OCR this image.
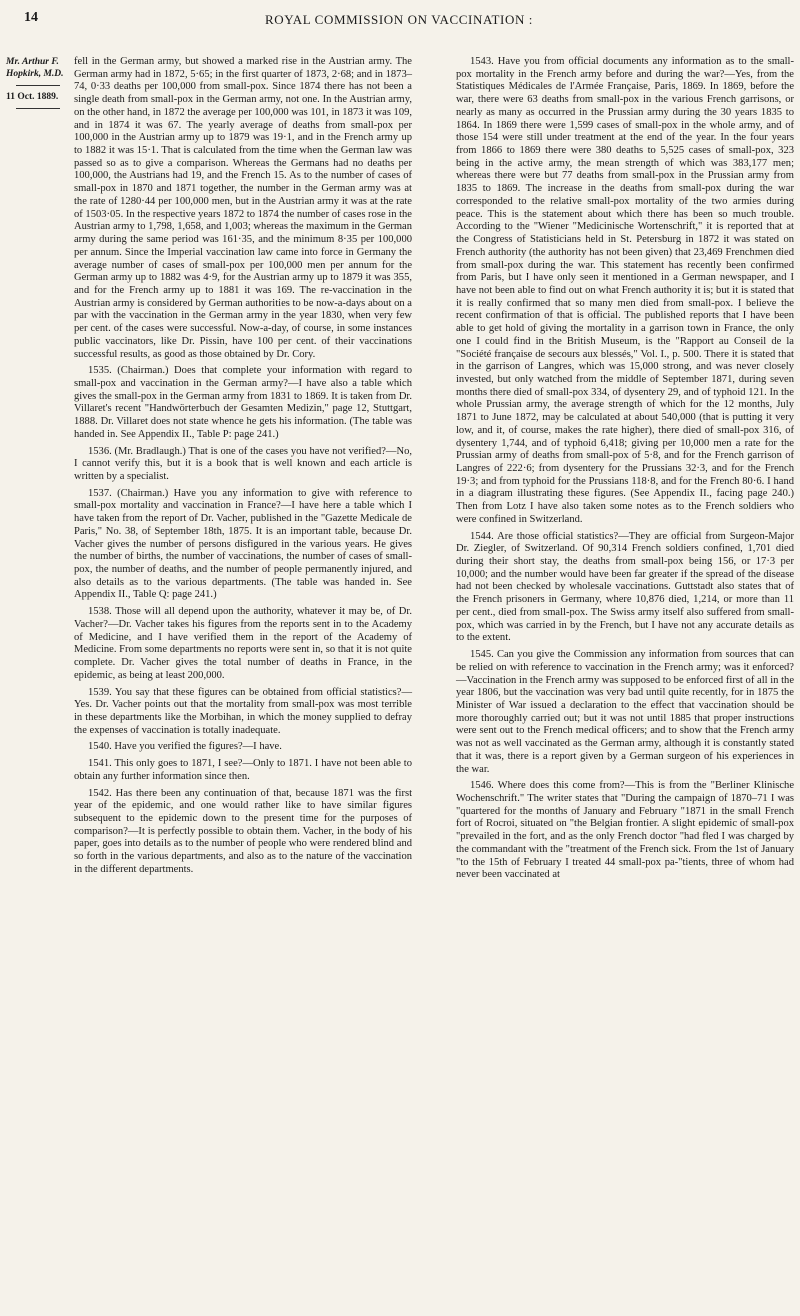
14	ROYAL COMMISSION ON VACCINATION :
Mr. Arthur F. Hopkirk, M.D.
11 Oct. 1889.

fell in the German army, but showed a marked rise in the Austrian army. The German army had in 1872, 5·65; in the first quarter of 1873, 2·68; and in 1873–74, 0·33 deaths per 100,000 from small-pox. Since 1874 there has not been a single death from small-pox in the German army, not one. In the Austrian army, on the other hand, in 1872 the average per 100,000 was 101, in 1873 it was 109, and in 1874 it was 67. The yearly average of deaths from small-pox per 100,000 in the Austrian army up to 1879 was 19·1, and in the French army up to 1882 it was 15·1. That is calculated from the time when the German law was passed so as to give a comparison. Whereas the Germans had no deaths per 100,000, the Austrians had 19, and the French 15. As to the number of cases of small-pox in 1870 and 1871 together, the number in the German army was at the rate of 1280·44 per 100,000 men, but in the Austrian army it was at the rate of 1503·05. In the respective years 1872 to 1874 the number of cases rose in the Austrian army to 1,798, 1,658, and 1,003; whereas the maximum in the German army during the same period was 161·35, and the minimum 8·35 per 100,000 per annum. Since the Imperial vaccination law came into force in Germany the average number of cases of small-pox per 100,000 men per annum for the German army up to 1882 was 4·9, for the Austrian army up to 1879 it was 355, and for the French army up to 1881 it was 169. The re-vaccination in the Austrian army is considered by German authorities to be now-a-days about on a par with the vaccination in the German army in the year 1830, when very few per cent. of the cases were successful. Now-a-day, of course, in some instances public vaccinators, like Dr. Pissin, have 100 per cent. of their vaccinations successful results, as good as those obtained by Dr. Cory.

1535. (Chairman.) Does that complete your information with regard to small-pox and vaccination in the German army?—I have also a table which gives the small-pox in the German army from 1831 to 1869. It is taken from Dr. Villaret's recent "Handwörterbuch der Gesamten Medizin," page 12, Stuttgart, 1888. Dr. Villaret does not state whence he gets his information. (The table was handed in. See Appendix II., Table P: page 241.)

1536. (Mr. Bradlaugh.) That is one of the cases you have not verified?—No, I cannot verify this, but it is a book that is well known and each article is written by a specialist.

1537. (Chairman.) Have you any information to give with reference to small-pox mortality and vaccination in France?—I have here a table which I have taken from the report of Dr. Vacher, published in the "Gazette Medicale de Paris," No. 38, of September 18th, 1875. It is an important table, because Dr. Vacher gives the number of persons disfigured in the various years. He gives the number of births, the number of vaccinations, the number of cases of small-pox, the number of deaths, and the number of people permanently injured, and also details as to the various departments. (The table was handed in. See Appendix II., Table Q: page 241.)

1538. Those will all depend upon the authority, whatever it may be, of Dr. Vacher?—Dr. Vacher takes his figures from the reports sent in to the Academy of Medicine, and I have verified them in the report of the Academy of Medicine. From some departments no reports were sent in, so that it is not quite complete. Dr. Vacher gives the total number of deaths in France, in the epidemic, as being at least 200,000.

1539. You say that these figures can be obtained from official statistics?—Yes. Dr. Vacher points out that the mortality from small-pox was most terrible in these departments like the Morbihan, in which the money supplied to defray the expenses of vaccination is totally inadequate.

1540. Have you verified the figures?—I have.

1541. This only goes to 1871, I see?—Only to 1871. I have not been able to obtain any further information since then.

1542. Has there been any continuation of that, because 1871 was the first year of the epidemic, and one would rather like to have similar figures subsequent to the epidemic down to the present time for the purposes of comparison?—It is perfectly possible to obtain them. Vacher, in the body of his paper, goes into details as to the number of people who were rendered blind and so forth in the various departments, and also as to the nature of the vaccination in the different departments.

1543. Have you from official documents any information as to the small-pox mortality in the French army before and during the war?—Yes, from the Statistiques Médicales de l'Armée Française, Paris, 1869. In 1869, before the war, there were 63 deaths from small-pox in the various French garrisons, or nearly as many as occurred in the Prussian army during the 30 years 1835 to 1864. In 1869 there were 1,599 cases of small-pox in the whole army, and of those 154 were still under treatment at the end of the year. In the four years from 1866 to 1869 there were 380 deaths to 5,525 cases of small-pox, 323 being in the active army, the mean strength of which was 383,177 men; whereas there were but 77 deaths from small-pox in the Prussian army from 1835 to 1869. The increase in the deaths from small-pox during the war corresponded to the relative small-pox mortality of the two armies during peace. This is the statement about which there has been so much trouble. According to the "Wiener "Medicinische Wortenschrift," it is reported that at the Congress of Statisticians held in St. Petersburg in 1872 it was stated on French authority (the authority has not been given) that 23,469 Frenchmen died from small-pox during the war. This statement has recently been confirmed from Paris, but I have only seen it mentioned in a German newspaper, and I have not been able to find out on what French authority it is; but it is stated that it is really confirmed that so many men died from small-pox. I believe the recent confirmation of that is official. The published reports that I have been able to get hold of giving the mortality in a garrison town in France, the only one I could find in the British Museum, is the "Rapport au Conseil de la "Société française de secours aux blessés," Vol. I., p. 500. There it is stated that in the garrison of Langres, which was 15,000 strong, and was never closely invested, but only watched from the middle of September 1871, during seven months there died of small-pox 334, of dysentery 29, and of typhoid 121. In the whole Prussian army, the average strength of which for the 12 months, July 1871 to June 1872, may be calculated at about 540,000 (that is putting it very low, and it, of course, makes the rate higher), there died of small-pox 316, of dysentery 1,744, and of typhoid 6,418; giving per 10,000 men a rate for the Prussian army of deaths from small-pox of 5·8, and for the French garrison of Langres of 222·6; from dysentery for the Prussians 32·3, and for the French 19·3; and from typhoid for the Prussians 118·8, and for the French 80·6. I hand in a diagram illustrating these figures. (See Appendix II., facing page 240.) Then from Lotz I have also taken some notes as to the French soldiers who were confined in Switzerland.

1544. Are those official statistics?—They are official from Surgeon-Major Dr. Ziegler, of Switzerland. Of 90,314 French soldiers confined, 1,701 died during their short stay, the deaths from small-pox being 156, or 17·3 per 10,000; and the number would have been far greater if the spread of the disease had not been checked by wholesale vaccinations. Guttstadt also states that of the French prisoners in Germany, where 10,876 died, 1,214, or more than 11 per cent., died from small-pox. The Swiss army itself also suffered from small-pox, which was carried in by the French, but I have not any accurate details as to the extent.

1545. Can you give the Commission any information from sources that can be relied on with reference to vaccination in the French army; was it enforced?—Vaccination in the French army was supposed to be enforced first of all in the year 1806, but the vaccination was very bad until quite recently, for in 1875 the Minister of War issued a declaration to the effect that vaccination should be more thoroughly carried out; but it was not until 1885 that proper instructions were sent out to the French medical officers; and to show that the French army was not as well vaccinated as the German army, although it is constantly stated that it was, there is a report given by a German surgeon of his experiences in the war.

1546. Where does this come from?—This is from the "Berliner Klinische Wochenschrift." The writer states that "During the campaign of 1870–71 I was "quartered for the months of January and February "1871 in the small French fort of Rocroi, situated on "the Belgian frontier. A slight epidemic of small-pox "prevailed in the fort, and as the only French doctor "had fled I was charged by the commandant with the "treatment of the French sick. From the 1st of January "to the 15th of February I treated 44 small-pox pa-"tients, three of whom had never been vaccinated at
